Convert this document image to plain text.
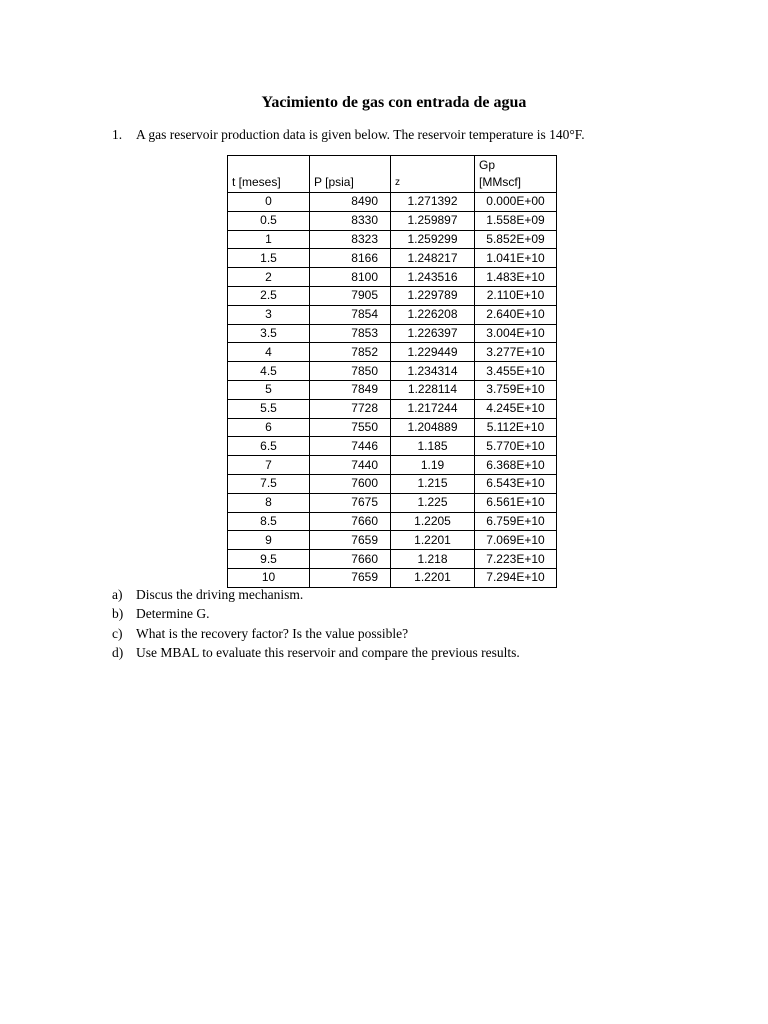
Yacimiento de gas con entrada de agua
1. A gas reservoir production data is given below. The reservoir temperature is 140°F.
t [meses]	P [psia]	z	Gp
[MMscf]

0	8490	1.271392	0.000E+00
0.5	8330	1.259897	1.558E+09
1	8323	1.259299	5.852E+09
1.5	8166	1.248217	1.041E+10
2	8100	1.243516	1.483E+10
2.5	7905	1.229789	2.110E+10
3	7854	1.226208	2.640E+10
3.5	7853	1.226397	3.004E+10
4	7852	1.229449	3.277E+10
4.5	7850	1.234314	3.455E+10
5	7849	1.228114	3.759E+10
5.5	7728	1.217244	4.245E+10
6	7550	1.204889	5.112E+10
6.5	7446	1.185	5.770E+10
7	7440	1.19	6.368E+10
7.5	7600	1.215	6.543E+10
8	7675	1.225	6.561E+10
8.5	7660	1.2205	6.759E+10
9	7659	1.2201	7.069E+10
9.5	7660	1.218	7.223E+10
10	7659	1.2201	7.294E+10
a) Discus the driving mechanism.
b) Determine G.
c) What is the recovery factor? Is the value possible?
d) Use MBAL to evaluate this reservoir and compare the previous results.
